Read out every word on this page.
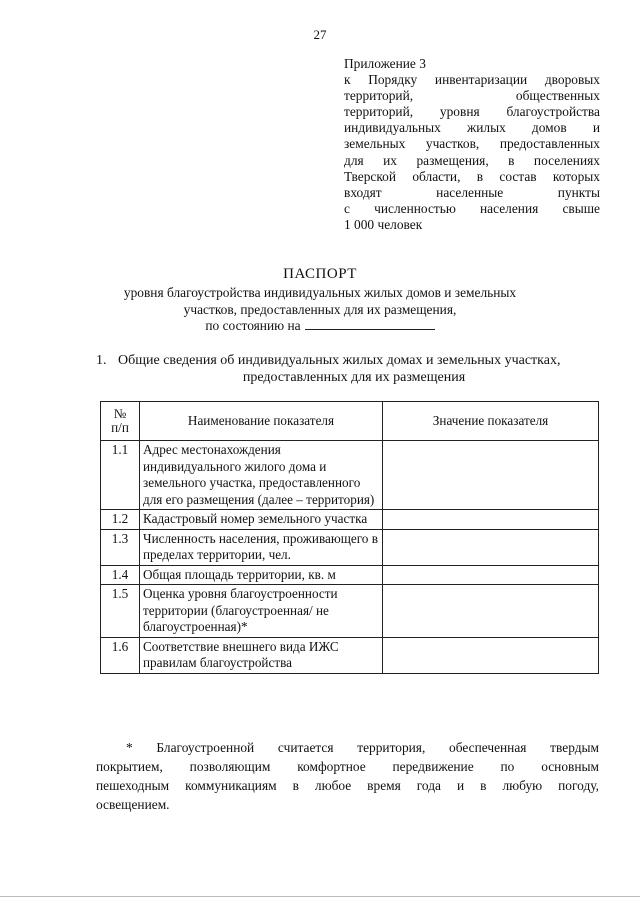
27
Приложение 3
к Порядку инвентаризации дворовых
территорий, общественных
территорий, уровня благоустройства
индивидуальных жилых домов и
земельных участков, предоставленных
для их размещения, в поселениях
Тверской области, в состав которых
входят населенные пункты
с численностью населения свыше
1 000 человек
ПАСПОРТ
уровня благоустройства индивидуальных жилых домов и земельных
участков, предоставленных для их размещения,
по состоянию на
1. Общие сведения об индивидуальных жилых домах и земельных участках,
предоставленных для их размещения
№
п/п	Наименование показателя	Значение показателя
1.1	Адрес местонахождения индивидуального жилого дома и земельного участка, предоставленного для его размещения (далее – территория)	
1.2	Кадастровый номер земельного участка	
1.3	Численность населения, проживающего в пределах территории, чел.	
1.4	Общая площадь территории, кв. м	
1.5	Оценка уровня благоустроенности территории (благоустроенная/ не благоустроенная)*	
1.6	Соответствие внешнего вида ИЖС правилам благоустройства	
* Благоустроенной считается территория, обеспеченная твердым
покрытием, позволяющим комфортное передвижение по основным
пешеходным коммуникациям в любое время года и в любую погоду,
освещением.
